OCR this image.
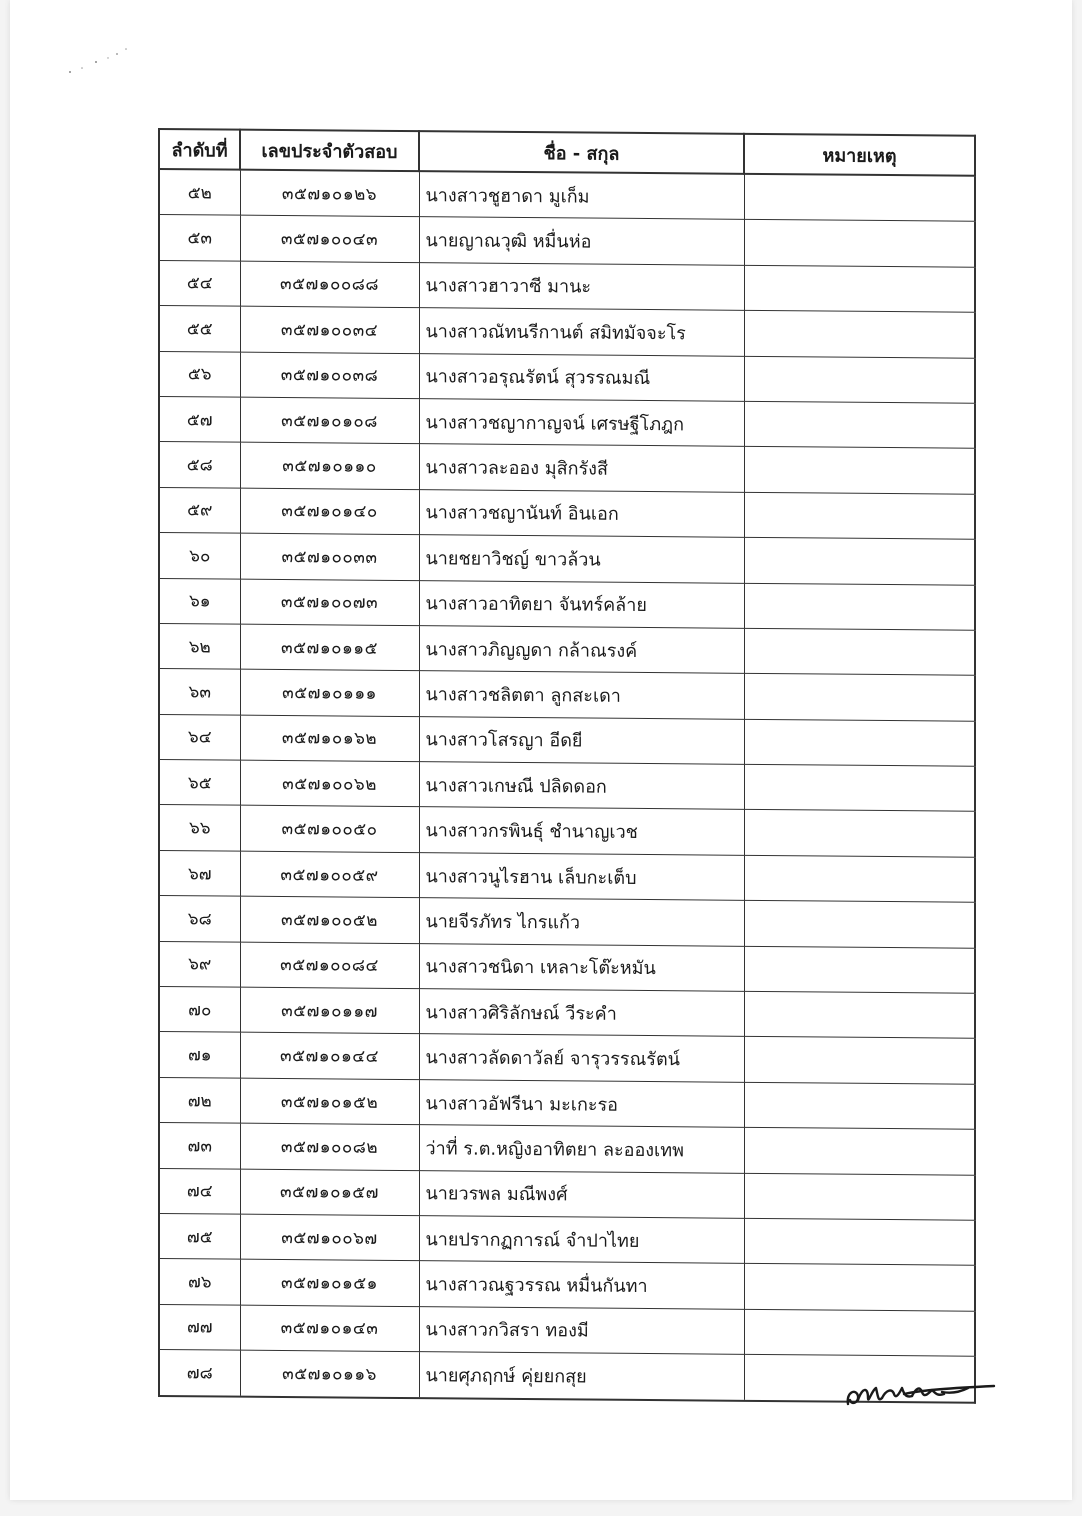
ลำดับที่	เลขประจำตัวสอบ	ชื่อ - สกุล	หมายเหตุ
๕๒	๓๕๗๑๐๑๒๖	นางสาวชูฮาดา มูเก็ม	
๕๓	๓๕๗๑๐๐๔๓	นายญาณวุฒิ หมื่นห่อ	
๕๔	๓๕๗๑๐๐๘๘	นางสาวฮาวาซี มานะ	
๕๕	๓๕๗๑๐๐๓๔	นางสาวณัทนรีกานต์ สมิทมัจจะโร	
๕๖	๓๕๗๑๐๐๓๘	นางสาวอรุณรัตน์ สุวรรณมณี	
๕๗	๓๕๗๑๐๑๐๘	นางสาวชญากาญจน์ เศรษฐีโภฎก	
๕๘	๓๕๗๑๐๑๑๐	นางสาวละออง มุสิกรังสี	
๕๙	๓๕๗๑๐๑๔๐	นางสาวชญานันท์ อินเอก	
๖๐	๓๕๗๑๐๐๓๓	นายชยาวิชญ์ ขาวล้วน	
๖๑	๓๕๗๑๐๐๗๓	นางสาวอาทิตยา จันทร์คล้าย	
๖๒	๓๕๗๑๐๑๑๕	นางสาวภิญญดา กล้าณรงค์	
๖๓	๓๕๗๑๐๑๑๑	นางสาวชลิตตา ลูกสะเดา	
๖๔	๓๕๗๑๐๑๖๒	นางสาวโสรญา อีดยี	
๖๕	๓๕๗๑๐๐๖๒	นางสาวเกษณี ปลิดดอก	
๖๖	๓๕๗๑๐๐๕๐	นางสาวกรพินธุ์ ชำนาญเวช	
๖๗	๓๕๗๑๐๐๕๙	นางสาวนูไรฮาน เล็บกะเต็บ	
๖๘	๓๕๗๑๐๐๕๒	นายจีรภัทร ไกรแก้ว	
๖๙	๓๕๗๑๐๐๘๔	นางสาวชนิดา เหลาะโต๊ะหมัน	
๗๐	๓๕๗๑๐๑๑๗	นางสาวศิริลักษณ์ วีระคำ	
๗๑	๓๕๗๑๐๑๔๔	นางสาวลัดดาวัลย์ จารุวรรณรัตน์	
๗๒	๓๕๗๑๐๑๕๒	นางสาวอัฟรีนา มะเกะรอ	
๗๓	๓๕๗๑๐๐๘๒	ว่าที่ ร.ต.หญิงอาทิตยา ละอองเทพ	
๗๔	๓๕๗๑๐๑๕๗	นายวรพล มณีพงศ์	
๗๕	๓๕๗๑๐๐๖๗	นายปรากฏการณ์ จำปาไทย	
๗๖	๓๕๗๑๐๑๕๑	นางสาวณฐวรรณ หมื่นกันทา	
๗๗	๓๕๗๑๐๑๔๓	นางสาวกวิสรา ทองมี	
๗๘	๓๕๗๑๐๑๑๖	นายศุภฤกษ์ คุ่ยยกสุย	
